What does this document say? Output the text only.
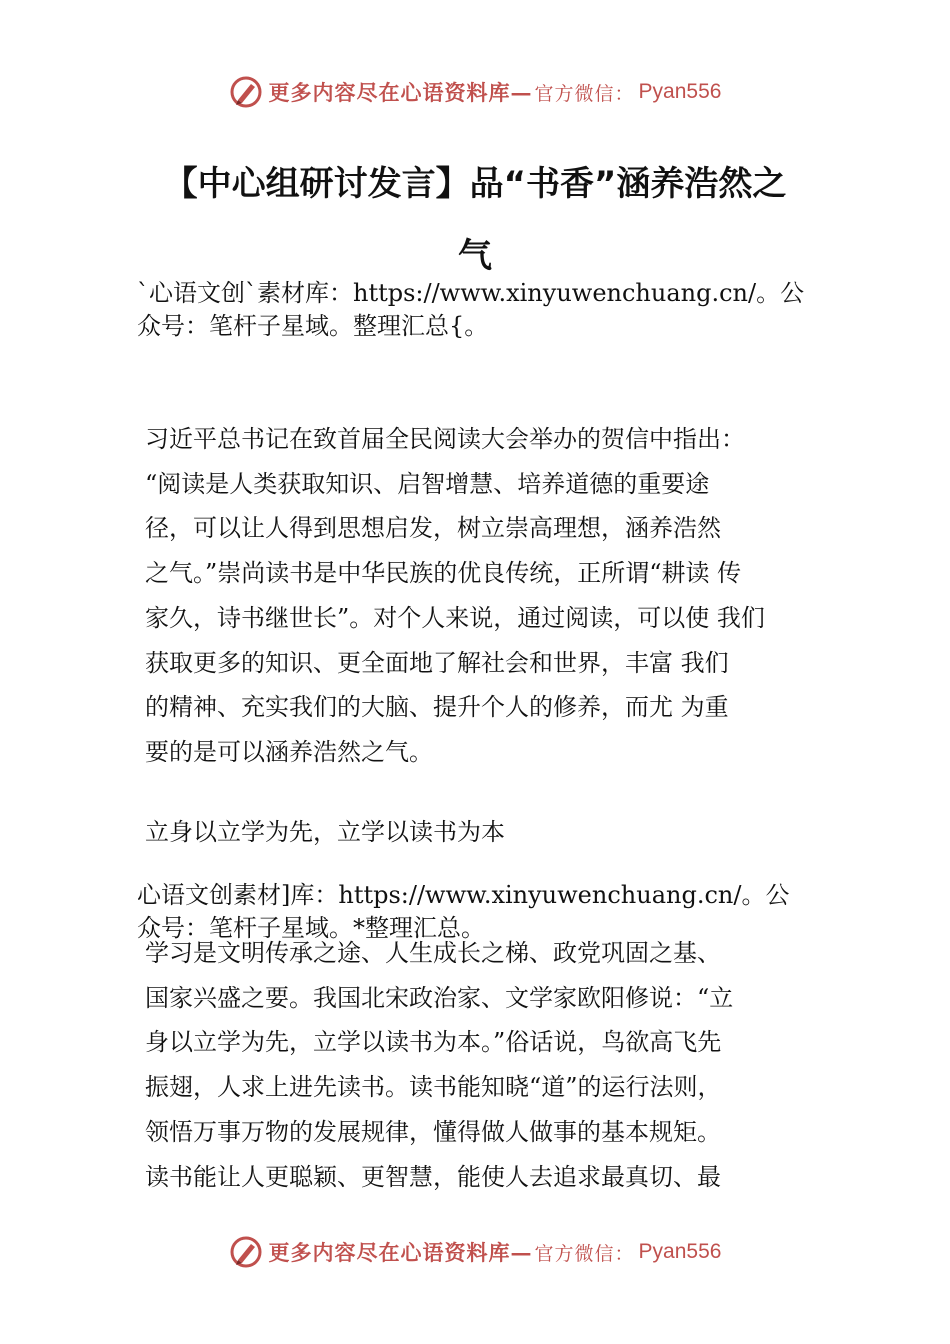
更多内容尽在心语资料库— 官方微信： Pyan556
【中心组研讨发言】品“书香”涵养浩然之
气
`心语文创`素材库：https://www.xinyuwenchuang.cn/。公
众号：笔杆子星域。整理汇总{。
习近平总书记在致首届全民阅读大会举办的贺信中指出：
“阅读是人类获取知识、启智增慧、培养道德的重要途
径，可以让人得到思想启发，树立崇高理想，涵养浩然
之气。”崇尚读书是中华民族的优良传统，正所谓“耕读 传
家久，诗书继世长”。对个人来说，通过阅读，可以使 我们
获取更多的知识、更全面地了解社会和世界，丰富 我们
的精神、充实我们的大脑、提升个人的修养，而尤 为重
要的是可以涵养浩然之气。
立身以立学为先，立学以读书为本
心语文创素材]库：https://www.xinyuwenchuang.cn/。公
众号：笔杆子星域。*整理汇总。
学习是文明传承之途、人生成长之梯、政党巩固之基、
国家兴盛之要。我国北宋政治家、文学家欧阳修说：“立
身以立学为先，立学以读书为本。”俗话说，鸟欲高飞先
振翅，人求上进先读书。读书能知晓“道”的运行法则，
领悟万事万物的发展规律，懂得做人做事的基本规矩。
读书能让人更聪颖、更智慧，能使人去追求最真切、最
更多内容尽在心语资料库— 官方微信： Pyan556
